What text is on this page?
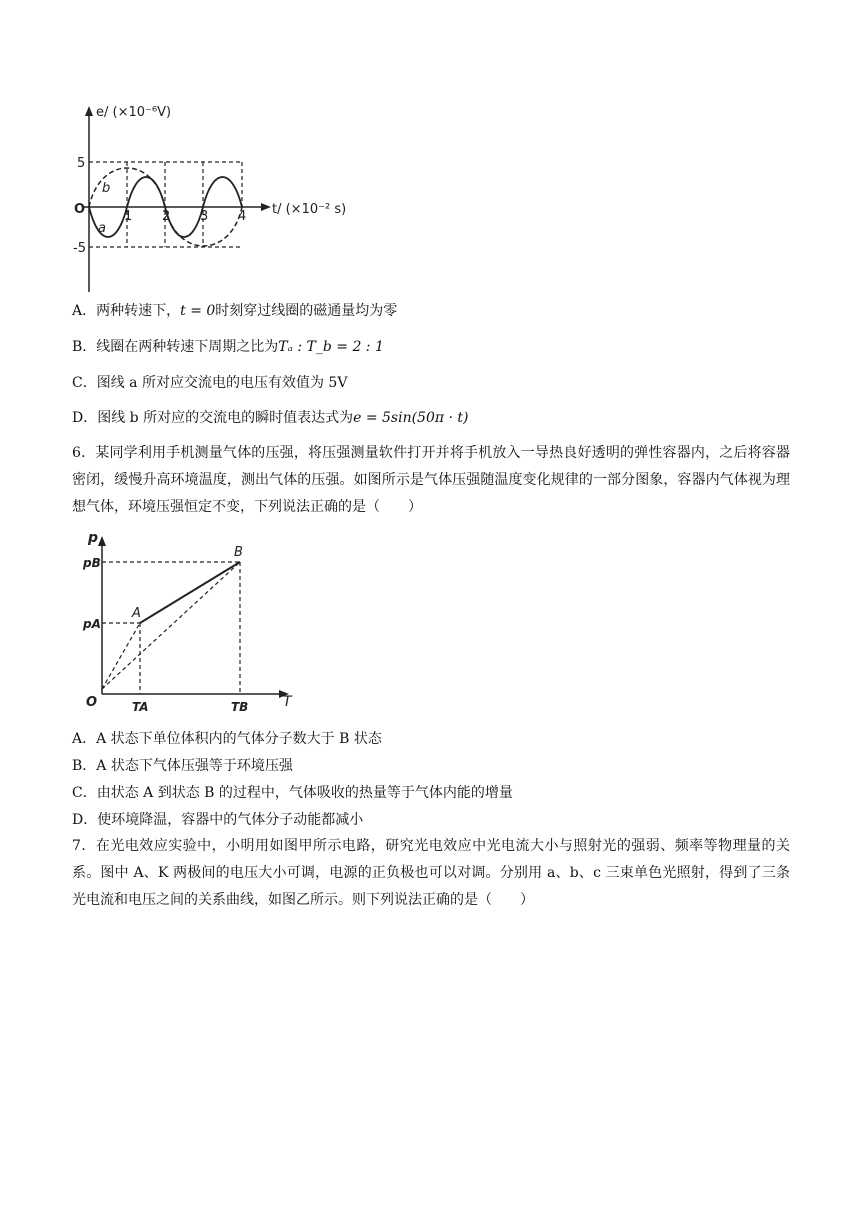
e/ (×10⁻⁶V)
t/ (×10⁻² s)
O
5
-5
1 2 3 4
b
a
A．两种转速下，t = 0时刻穿过线圈的磁通量均为零
B．线圈在两种转速下周期之比为Tₐ : T_b = 2 : 1
C．图线 a 所对应交流电的电压有效值为 5V
D．图线 b 所对应的交流电的瞬时值表达式为e = 5sin(50π · t)
6．某同学利用手机测量气体的压强，将压强测量软件打开并将手机放入一导热良好透明的弹性容器内，之后将容器密闭，缓慢升高环境温度，测出气体的压强。如图所示是气体压强随温度变化规律的一部分图象，容器内气体视为理想气体，环境压强恒定不变，下列说法正确的是（　　）
p
T
O
pB
pA
TA	TB
A
B
A．A 状态下单位体积内的气体分子数大于 B 状态
B．A 状态下气体压强等于环境压强
C．由状态 A 到状态 B 的过程中，气体吸收的热量等于气体内能的增量
D．使环境降温，容器中的气体分子动能都减小
7．在光电效应实验中，小明用如图甲所示电路，研究光电效应中光电流大小与照射光的强弱、频率等物理量的关系。图中 A、K 两极间的电压大小可调，电源的正负极也可以对调。分别用 a、b、c 三束单色光照射，得到了三条光电流和电压之间的关系曲线，如图乙所示。则下列说法正确的是（　　）
